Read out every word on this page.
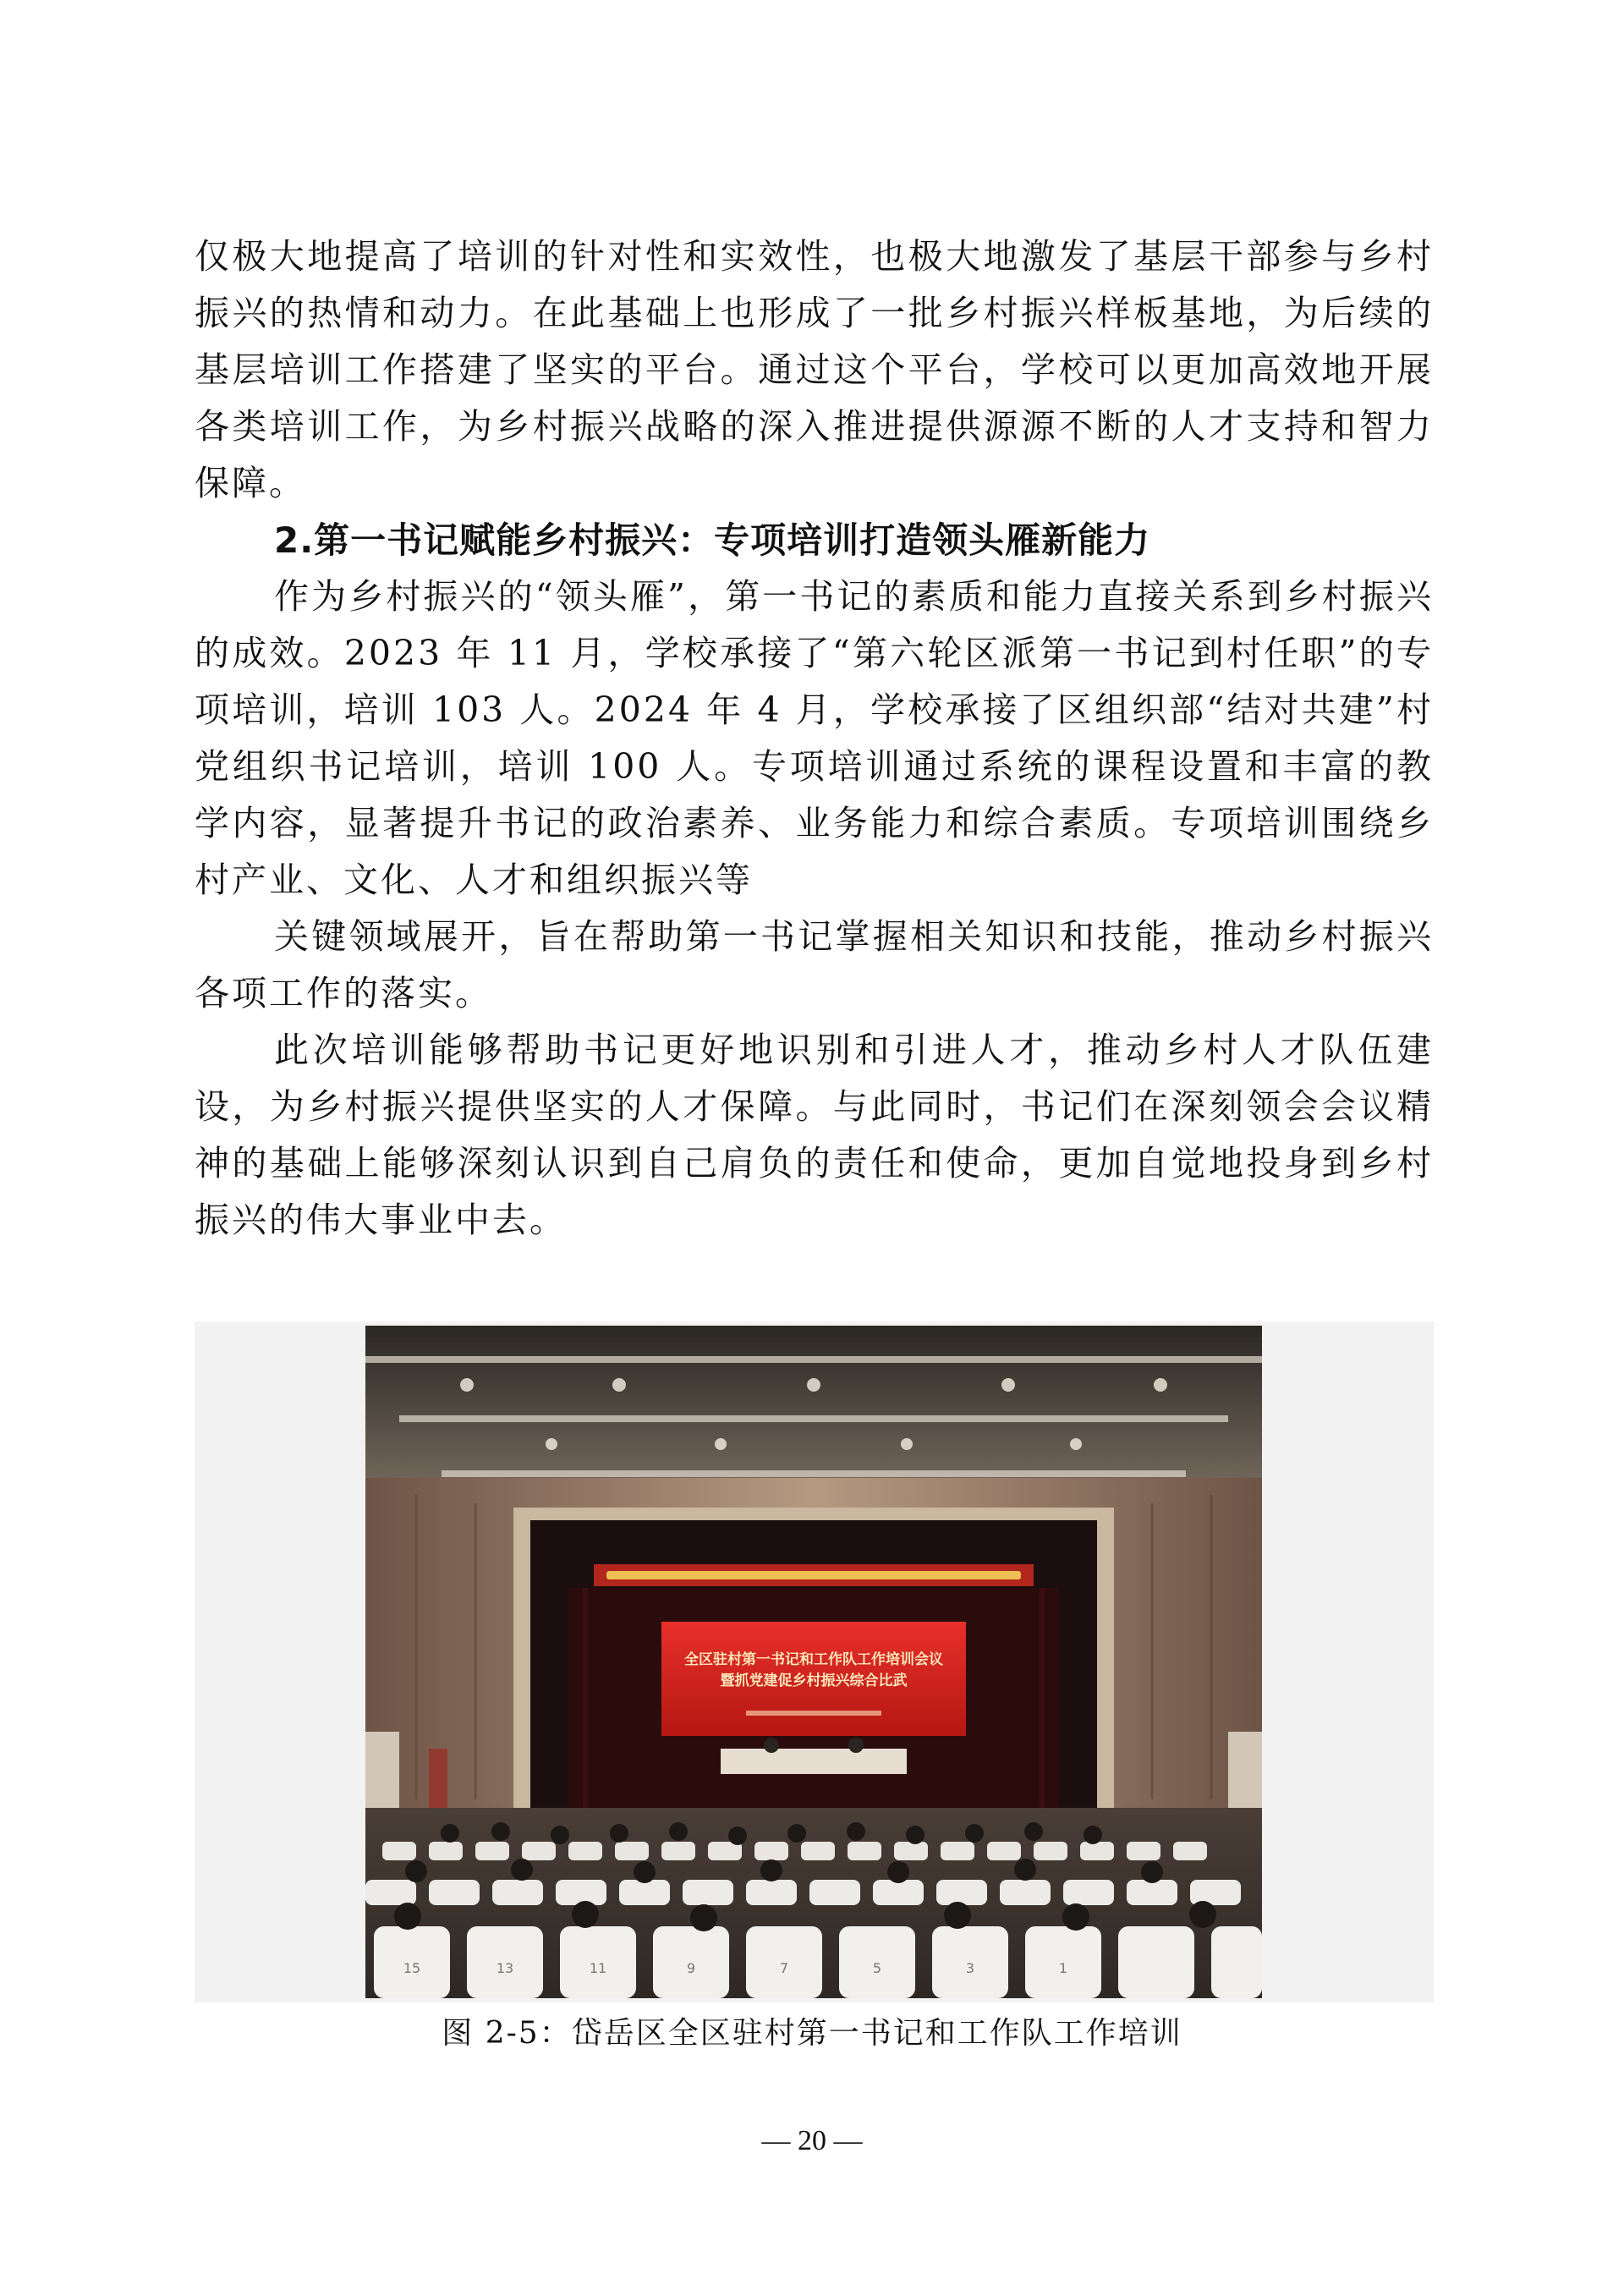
仅极大地提高了培训的针对性和实效性，也极大地激发了基层干部参与乡村振兴的热情和动力。在此基础上也形成了一批乡村振兴样板基地，为后续的基层培训工作搭建了坚实的平台。通过这个平台，学校可以更加高效地开展各类培训工作，为乡村振兴战略的深入推进提供源源不断的人才支持和智力保障。

2.第一书记赋能乡村振兴：专项培训打造领头雁新能力

作为乡村振兴的“领头雁”，第一书记的素质和能力直接关系到乡村振兴的成效。2023 年 11 月，学校承接了“第六轮区派第一书记到村任职”的专项培训，培训 103 人。2024 年 4 月，学校承接了区组织部“结对共建”村党组织书记培训，培训 100 人。专项培训通过系统的课程设置和丰富的教学内容，显著提升书记的政治素养、业务能力和综合素质。专项培训围绕乡村产业、文化、人才和组织振兴等

关键领域展开，旨在帮助第一书记掌握相关知识和技能，推动乡村振兴各项工作的落实。

此次培训能够帮助书记更好地识别和引进人才，推动乡村人才队伍建设，为乡村振兴提供坚实的人才保障。与此同时，书记们在深刻领会会议精神的基础上能够深刻认识到自己肩负的责任和使命，更加自觉地投身到乡村振兴的伟大事业中去。

全区驻村第一书记和工作队工作培训会议
暨抓党建促乡村振兴综合比武
15	13	11	9	7	5	3	1
图 2-5：岱岳区全区驻村第一书记和工作队工作培训
— 20 —
